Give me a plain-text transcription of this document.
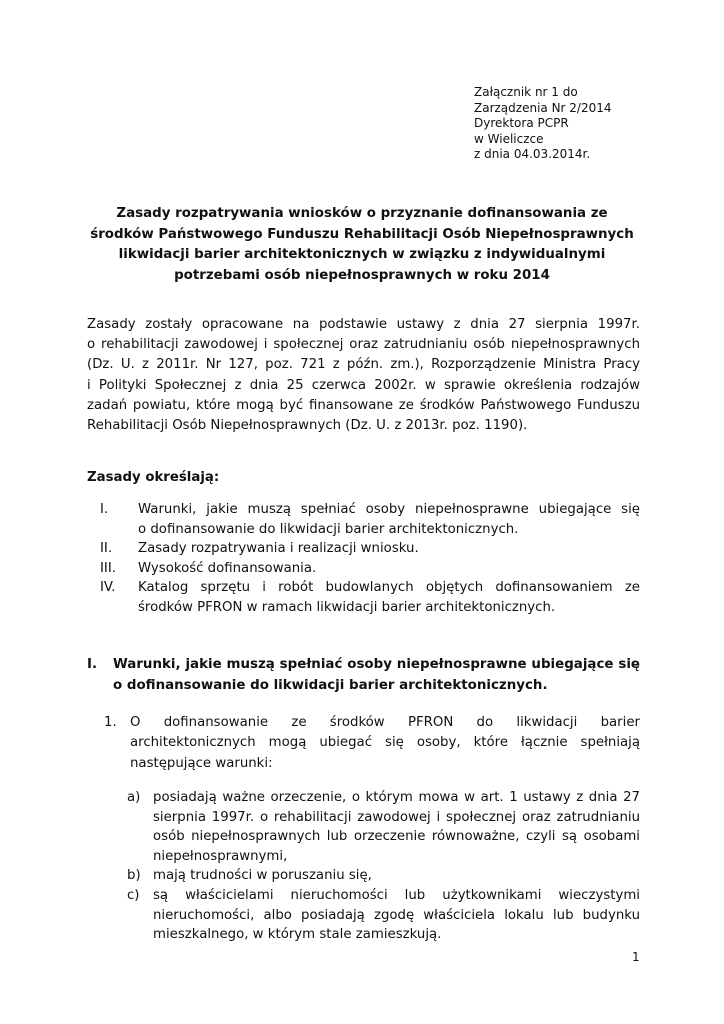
Załącznik nr 1 do
Zarządzenia Nr 2/2014
Dyrektora PCPR
w Wieliczce
z dnia 04.03.2014r.
Zasady rozpatrywania wniosków o przyznanie dofinansowania ze
środków Państwowego Funduszu Rehabilitacji Osób Niepełnosprawnych
likwidacji barier architektonicznych w związku z indywidualnymi
potrzebami osób niepełnosprawnych w roku 2014
Zasady zostały opracowane na podstawie ustawy z dnia 27 sierpnia 1997r.
o rehabilitacji zawodowej i społecznej oraz zatrudnianiu osób niepełnosprawnych
(Dz. U. z 2011r. Nr 127, poz. 721 z późn. zm.), Rozporządzenie Ministra Pracy
i Polityki Społecznej z dnia 25 czerwca 2002r. w sprawie określenia rodzajów
zadań powiatu, które mogą być finansowane ze środków Państwowego Funduszu
Rehabilitacji Osób Niepełnosprawnych (Dz. U. z 2013r. poz. 1190).
Zasady określają:
I. Warunki, jakie muszą spełniać osoby niepełnosprawne ubiegające się
o dofinansowanie do likwidacji barier architektonicznych.
II. Zasady rozpatrywania i realizacji wniosku.
III. Wysokość dofinansowania.
IV. Katalog sprzętu i robót budowlanych objętych dofinansowaniem ze
środków PFRON w ramach likwidacji barier architektonicznych.
I. Warunki, jakie muszą spełniać osoby niepełnosprawne ubiegające się
o dofinansowanie do likwidacji barier architektonicznych.
1. O dofinansowanie ze środków PFRON do likwidacji barier
architektonicznych mogą ubiegać się osoby, które łącznie spełniają
następujące warunki:
a) posiadają ważne orzeczenie, o którym mowa w art. 1 ustawy z dnia 27
sierpnia 1997r. o rehabilitacji zawodowej i społecznej oraz zatrudnianiu
osób niepełnosprawnych lub orzeczenie równoważne, czyli są osobami
niepełnosprawnymi,
b) mają trudności w poruszaniu się,
c) są właścicielami nieruchomości lub użytkownikami wieczystymi
nieruchomości, albo posiadają zgodę właściciela lokalu lub budynku
mieszkalnego, w którym stale zamieszkują.
1
